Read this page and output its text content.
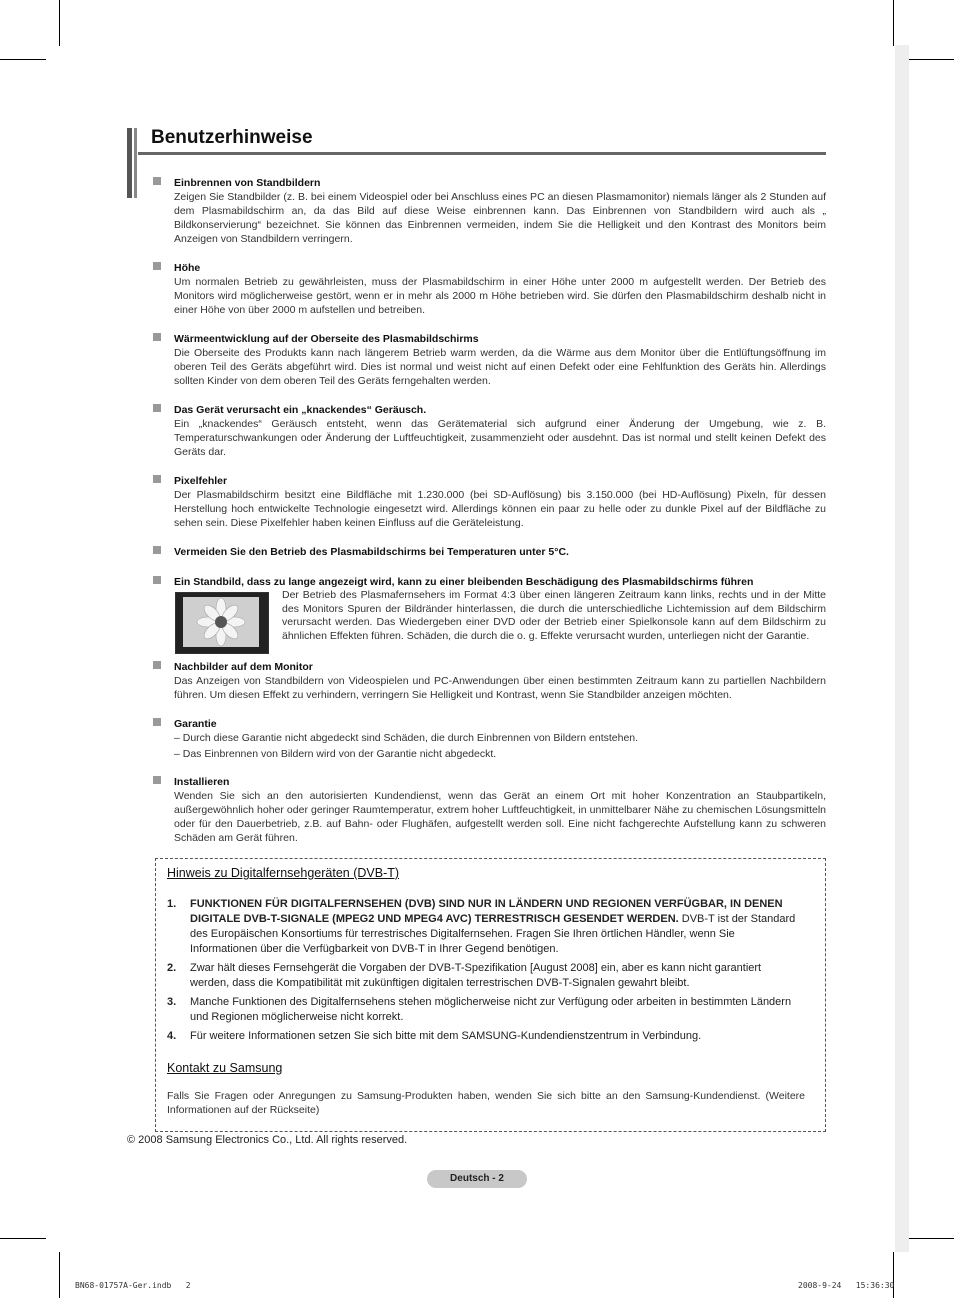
Benutzerhinweise
Einbrennen von Standbildern
Zeigen Sie Standbilder (z. B. bei einem Videospiel oder bei Anschluss eines PC an diesen Plasmamonitor) niemals länger als 2 Stunden auf dem Plasmabildschirm an, da das Bild auf diese Weise einbrennen kann. Das Einbrennen von Standbildern wird auch als „ Bildkonservierung“ bezeichnet. Sie können das Einbrennen vermeiden, indem Sie die Helligkeit und den Kontrast des Monitors beim Anzeigen von Standbildern verringern.
Höhe
Um normalen Betrieb zu gewährleisten, muss der Plasmabildschirm in einer Höhe unter 2000 m aufgestellt werden. Der Betrieb des Monitors wird möglicherweise gestört, wenn er in mehr als 2000 m Höhe betrieben wird. Sie dürfen den Plasmabildschirm deshalb nicht in einer Höhe von über 2000 m aufstellen und betreiben.
Wärmeentwicklung auf der Oberseite des Plasmabildschirms
Die Oberseite des Produkts kann nach längerem Betrieb warm werden, da die Wärme aus dem Monitor über die Entlüftungsöffnung im oberen Teil des Geräts abgeführt wird. Dies ist normal und weist nicht auf einen Defekt oder eine Fehlfunktion des Geräts hin. Allerdings sollten Kinder von dem oberen Teil des Geräts ferngehalten werden.
Das Gerät verursacht ein „knackendes“ Geräusch.
Ein „knackendes“ Geräusch entsteht, wenn das Gerätematerial sich aufgrund einer Änderung der Umgebung, wie z. B. Temperaturschwankungen oder Änderung der Luftfeuchtigkeit, zusammenzieht oder ausdehnt. Das ist normal und stellt keinen Defekt des Geräts dar.
Pixelfehler
Der Plasmabildschirm besitzt eine Bildfläche mit 1.230.000 (bei SD-Auflösung) bis 3.150.000 (bei HD-Auflösung) Pixeln, für dessen Herstellung hoch entwickelte Technologie eingesetzt wird. Allerdings können ein paar zu helle oder zu dunkle Pixel auf der Bildfläche zu sehen sein. Diese Pixelfehler haben keinen Einfluss auf die Geräteleistung.
Vermeiden Sie den Betrieb des Plasmabildschirms bei Temperaturen unter 5°C.
Ein Standbild, dass zu lange angezeigt wird, kann zu einer bleibenden Beschädigung des Plasmabildschirms führen
Der Betrieb des Plasmafernsehers im Format 4:3 über einen längeren Zeitraum kann links, rechts und in der Mitte des Monitors Spuren der Bildränder hinterlassen, die durch die unterschiedliche Lichtemission auf dem Bildschirm verursacht werden. Das Wiedergeben einer DVD oder der Betrieb einer Spielkonsole kann auf dem Bildschirm zu ähnlichen Effekten führen. Schäden, die durch die o. g. Effekte verursacht wurden, unterliegen nicht der Garantie.
Nachbilder auf dem Monitor
Das Anzeigen von Standbildern von Videospielen und PC-Anwendungen über einen bestimmten Zeitraum kann zu partiellen Nachbildern führen. Um diesen Effekt zu verhindern, verringern Sie Helligkeit und Kontrast, wenn Sie Standbilder anzeigen möchten.
Garantie

– Durch diese Garantie nicht abgedeckt sind Schäden, die durch Einbrennen von Bildern entstehen.

– Das Einbrennen von Bildern wird von der Garantie nicht abgedeckt.

Installieren
Wenden Sie sich an den autorisierten Kundendienst, wenn das Gerät an einem Ort mit hoher Konzentration an Staubpartikeln, außergewöhnlich hoher oder geringer Raumtemperatur, extrem hoher Luftfeuchtigkeit, in unmittelbarer Nähe zu chemischen Lösungsmitteln oder für den Dauerbetrieb, z.B. auf Bahn- oder Flughäfen, aufgestellt werden soll. Eine nicht fachgerechte Aufstellung kann zu schweren Schäden am Gerät führen.
Hinweis zu Digitalfernsehgeräten (DVB-T)
1. FUNKTIONEN FÜR DIGITALFERNSEHEN (DVB) SIND NUR IN LÄNDERN UND REGIONEN VERFÜGBAR, IN DENEN DIGITALE DVB-T-SIGNALE (MPEG2 UND MPEG4 AVC) TERRESTRISCH GESENDET WERDEN. DVB-T ist der Standard des Europäischen Konsortiums für terrestrisches Digitalfernsehen. Fragen Sie Ihren örtlichen Händler, wenn Sie Informationen über die Verfügbarkeit von DVB-T in Ihrer Gegend benötigen.
2. Zwar hält dieses Fernsehgerät die Vorgaben der DVB-T-Spezifikation [August 2008] ein, aber es kann nicht garantiert werden, dass die Kompatibilität mit zukünftigen digitalen terrestrischen DVB-T-Signalen gewahrt bleibt.
3. Manche Funktionen des Digitalfernsehens stehen möglicherweise nicht zur Verfügung oder arbeiten in bestimmten Ländern und Regionen möglicherweise nicht korrekt.
4. Für weitere Informationen setzen Sie sich bitte mit dem SAMSUNG-Kundendienstzentrum in Verbindung.
Kontakt zu Samsung
Falls Sie Fragen oder Anregungen zu Samsung-Produkten haben, wenden Sie sich bitte an den Samsung-Kundendienst. (Weitere Informationen auf der Rückseite)
© 2008 Samsung Electronics Co., Ltd. All rights reserved.
Deutsch - 2
BN68-01757A-Ger.indb   2	2008-9-24   15:36:30
